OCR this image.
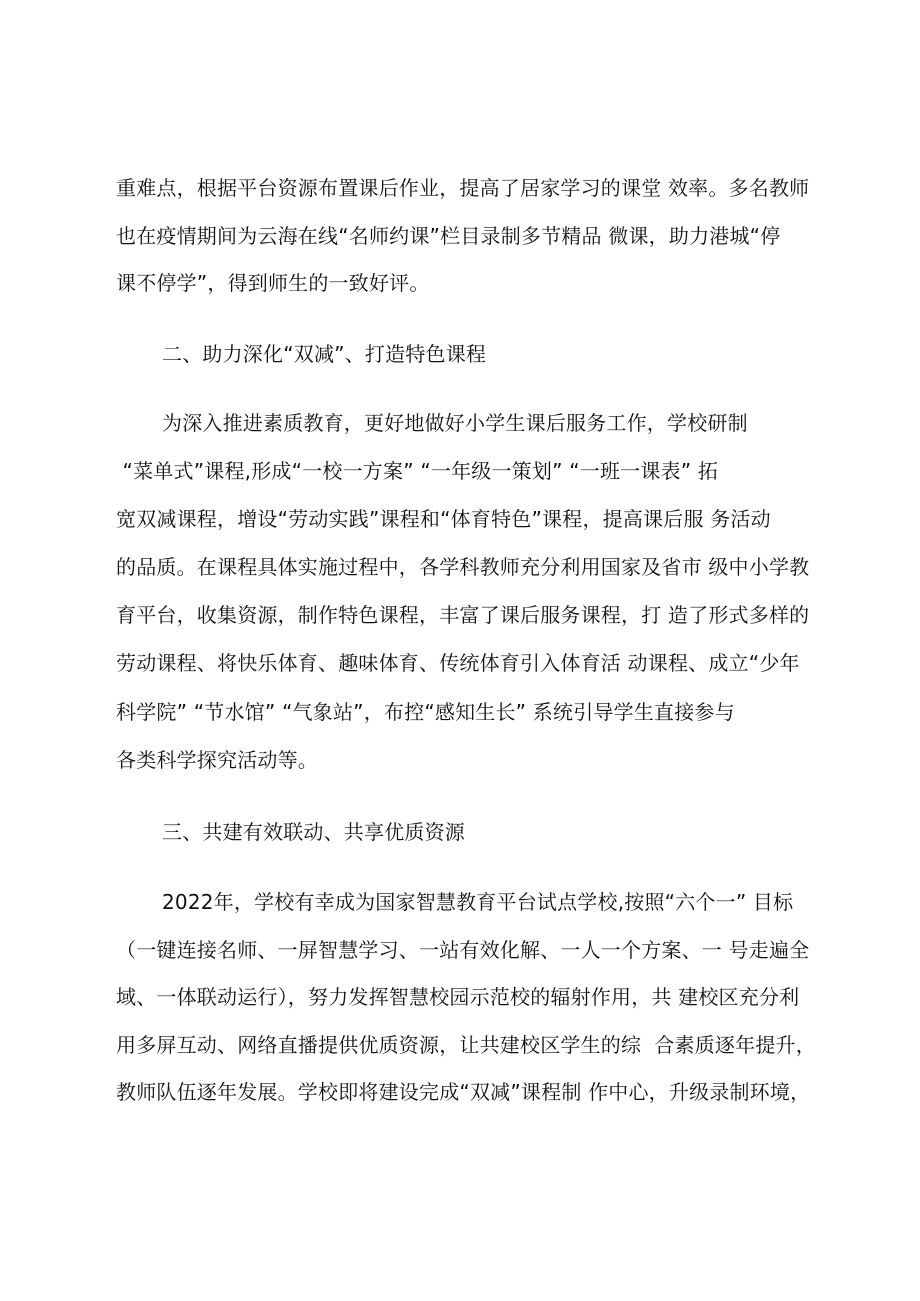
重难点，根据平台资源布置课后作业，提高了居家学习的课堂 效率。多名教师
也在疫情期间为云海在线“名师约课”栏目录制多节精品 微课，助力港城“停
课不停学”，得到师生的一致好评。
二、助力深化“双减”、打造特色课程
为深入推进素质教育，更好地做好小学生课后服务工作，学校研制
“菜单式”课程,形成“一校一方案” “一年级一策划” “一班一课表” 拓
宽双减课程，增设“劳动实践”课程和“体育特色”课程，提高课后服 务活动
的品质。在课程具体实施过程中，各学科教师充分利用国家及省市 级中小学教
育平台，收集资源，制作特色课程，丰富了课后服务课程，打 造了形式多样的
劳动课程、将快乐体育、趣味体育、传统体育引入体育活 动课程、成立“少年
科学院” “节水馆” “气象站”，布控“感知生长” 系统引导学生直接参与
各类科学探究活动等。
三、共建有效联动、共享优质资源
2022年，学校有幸成为国家智慧教育平台试点学校,按照“六个一” 目标
（一键连接名师、一屏智慧学习、一站有效化解、一人一个方案、一 号走遍全
域、一体联动运行），努力发挥智慧校园示范校的辐射作用，共 建校区充分利
用多屏互动、网络直播提供优质资源，让共建校区学生的综  合素质逐年提升，
教师队伍逐年发展。学校即将建设完成“双减”课程制 作中心，升级录制环境，
